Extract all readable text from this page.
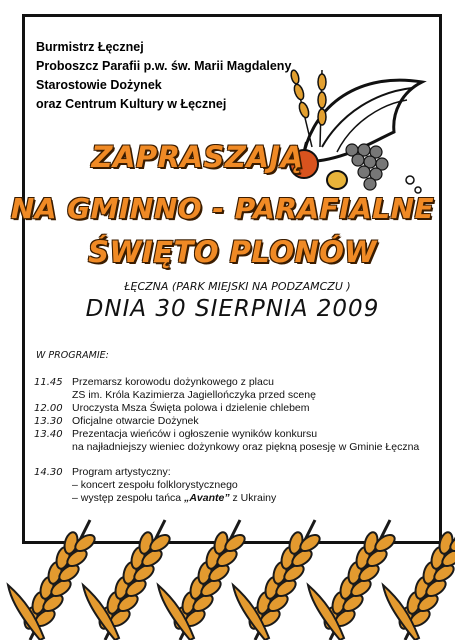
Burmistrz Łęcznej
Proboszcz Parafii p.w. św. Marii Magdaleny
Starostowie Dożynek
oraz Centrum Kultury w Łęcznej
ZAPRASZAJĄ
NA GMINNO - PARAFIALNE
ŚWIĘTO PLONÓW
ŁĘCZNA (PARK MIEJSKI NA PODZAMCZU )
DNIA 30 SIERPNIA 2009
W PROGRAMIE:
11.45 Przemarsz korowodu dożynkowego z placu
ZS im. Króla Kazimierza Jagiellończyka przed scenę
12.00 Uroczysta Msza Święta polowa i dzielenie chlebem
13.30 Oficjalne otwarcie Dożynek
13.40 Prezentacja wieńców i ogłoszenie wyników konkursu
na najładniejszy wieniec dożynkowy oraz piękną posesję w Gminie Łęczna
14.30 Program artystyczny:
– koncert zespołu folklorystycznego
– występ zespołu tańca „Avante” z Ukrainy
